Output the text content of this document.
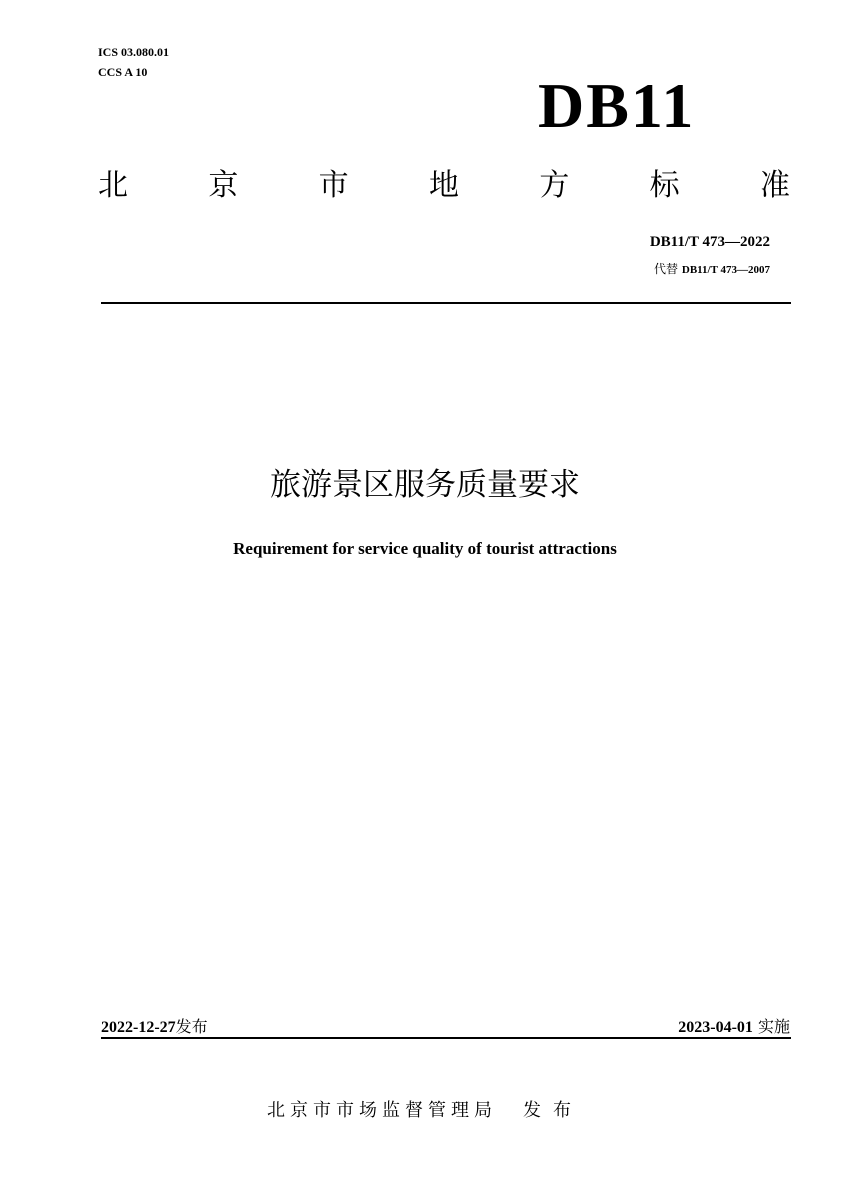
ICS 03.080.01
CCS A 10	DB11
北	京	市	地	方	标	准
DB11/T 473—2022
代替 DB11/T 473—2007
旅游景区服务质量要求
Requirement for service quality of tourist attractions
2022-12-27发布	2023-04-01 实施
北京市市场监督管理局 发布
